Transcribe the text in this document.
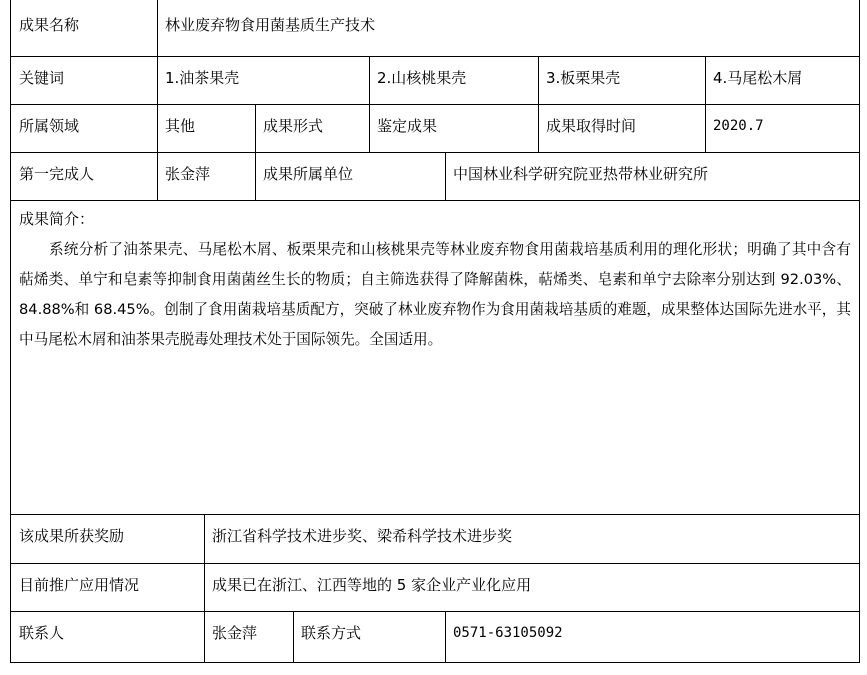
成果名称	林业废弃物食用菌基质生产技术
关键词	1.油茶果壳	2.山核桃果壳	3.板栗果壳	4.马尾松木屑
所属领域	其他	成果形式	鉴定成果	成果取得时间	2020.7
第一完成人	张金萍	成果所属单位	中国林业科学研究院亚热带林业研究所
成果简介：
系统分析了油茶果壳、马尾松木屑、板栗果壳和山核桃果壳等林业废弃物食用菌栽培基质利用的理化形状；明确了其中含有萜烯类、单宁和皂素等抑制食用菌菌丝生长的物质；自主筛选获得了降解菌株，萜烯类、皂素和单宁去除率分别达到 92.03%、84.88%和 68.45%。创制了食用菌栽培基质配方，突破了林业废弃物作为食用菌栽培基质的难题，成果整体达国际先进水平，其中马尾松木屑和油茶果壳脱毒处理技术处于国际领先。全国适用。
该成果所获奖励	浙江省科学技术进步奖、梁希科学技术进步奖
目前推广应用情况	成果已在浙江、江西等地的 5 家企业产业化应用
联系人	张金萍	联系方式	0571-63105092
